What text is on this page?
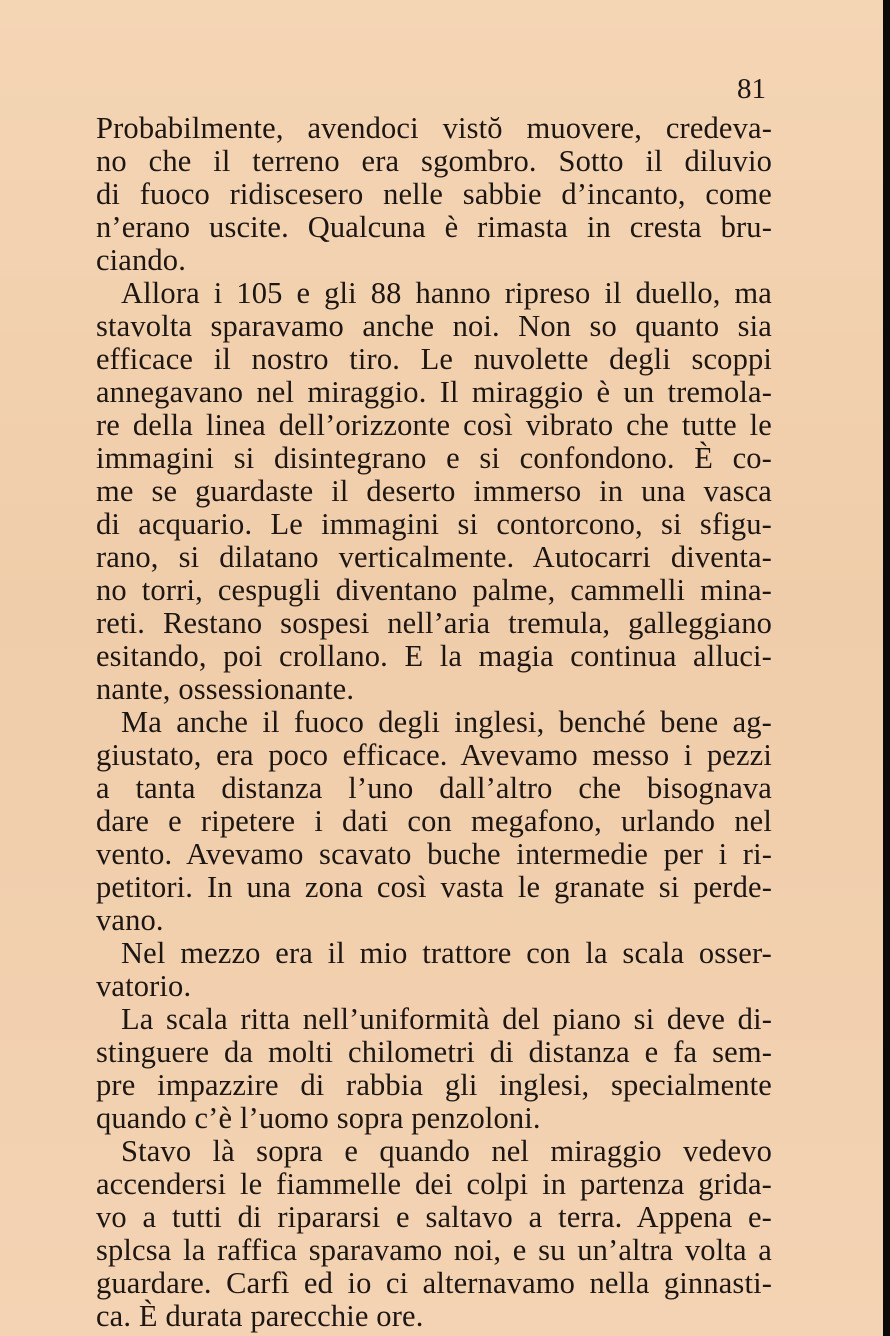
81
Probabilmente, avendoci vistŏ muovere, credeva-
no che il terreno era sgombro. Sotto il diluvio
di fuoco ridiscesero nelle sabbie d’incanto, come
n’erano uscite. Qualcuna è rimasta in cresta bru-
ciando.
Allora i 105 e gli 88 hanno ripreso il duello, ma
stavolta sparavamo anche noi. Non so quanto sia
efficace il nostro tiro. Le nuvolette degli scoppi
annegavano nel miraggio. Il miraggio è un tremola-
re della linea dell’orizzonte così vibrato che tutte le
immagini si disintegrano e si confondono. È co-
me se guardaste il deserto immerso in una vasca
di acquario. Le immagini si contorcono, si sfigu-
rano, si dilatano verticalmente. Autocarri diventa-
no torri, cespugli diventano palme, cammelli mina-
reti. Restano sospesi nell’aria tremula, galleggiano
esitando, poi crollano. E la magia continua alluci-
nante, ossessionante.
Ma anche il fuoco degli inglesi, benché bene ag-
giustato, era poco efficace. Avevamo messo i pezzi
a tanta distanza l’uno dall’altro che bisognava
dare e ripetere i dati con megafono, urlando nel
vento. Avevamo scavato buche intermedie per i ri-
petitori. In una zona così vasta le granate si perde-
vano.
Nel mezzo era il mio trattore con la scala osser-
vatorio.
La scala ritta nell’uniformità del piano si deve di-
stinguere da molti chilometri di distanza e fa sem-
pre impazzire di rabbia gli inglesi, specialmente
quando c’è l’uomo sopra penzoloni.
Stavo là sopra e quando nel miraggio vedevo
accendersi le fiammelle dei colpi in partenza grida-
vo a tutti di ripararsi e saltavo a terra. Appena e-
splcsa la raffica sparavamo noi, e su un’altra volta a
guardare. Carfì ed io ci alternavamo nella ginnasti-
ca. È durata parecchie ore.
